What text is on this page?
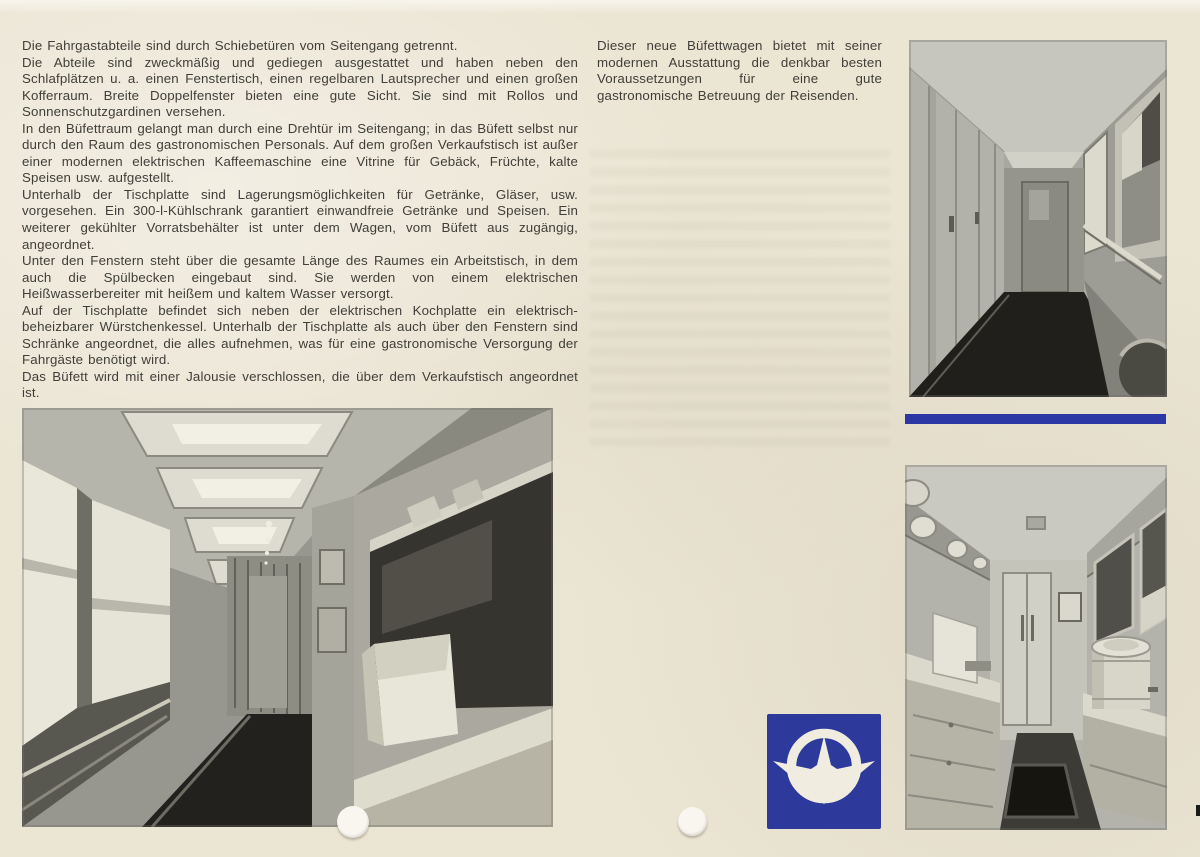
Die Fahrgastabteile sind durch Schiebetüren vom Seitengang getrennt.

Die Abteile sind zweckmäßig und gediegen ausgestattet und haben neben den Schlafplätzen u. a. einen Fenstertisch, einen regelbaren Lautsprecher und einen großen Kofferraum. Breite Doppelfenster bieten eine gute Sicht. Sie sind mit Rollos und Sonnenschutzgardinen versehen.

In den Büfettraum gelangt man durch eine Drehtür im Seitengang; in das Büfett selbst nur durch den Raum des gastronomischen Personals. Auf dem großen Verkaufstisch ist außer einer modernen elektrischen Kaffeemaschine eine Vitrine für Gebäck, Früchte, kalte Speisen usw. aufgestellt.

Unterhalb der Tischplatte sind Lagerungsmöglichkeiten für Getränke, Gläser, usw. vorgesehen. Ein 300-l-Kühlschrank garantiert einwandfreie Getränke und Speisen. Ein weiterer gekühlter Vorratsbehälter ist unter dem Wagen, vom Büfett aus zugängig, angeordnet.

Unter den Fenstern steht über die gesamte Länge des Raumes ein Arbeitstisch, in dem auch die Spülbecken eingebaut sind. Sie werden von einem elektrischen Heißwasserbereiter mit heißem und kaltem Wasser versorgt.

Auf der Tischplatte befindet sich neben der elektrischen Kochplatte ein elektrisch-beheizbarer Würstchenkessel. Unterhalb der Tischplatte als auch über den Fenstern sind Schränke angeordnet, die alles aufnehmen, was für eine gastronomische Versorgung der Fahrgäste benötigt wird.

Das Büfett wird mit einer Jalousie verschlossen, die über dem Verkaufstisch angeordnet ist.

Dieser neue Büfettwagen bietet mit seiner modernen Ausstattung die denkbar besten Voraussetzungen für eine gute gastronomische Betreuung der Reisenden.
